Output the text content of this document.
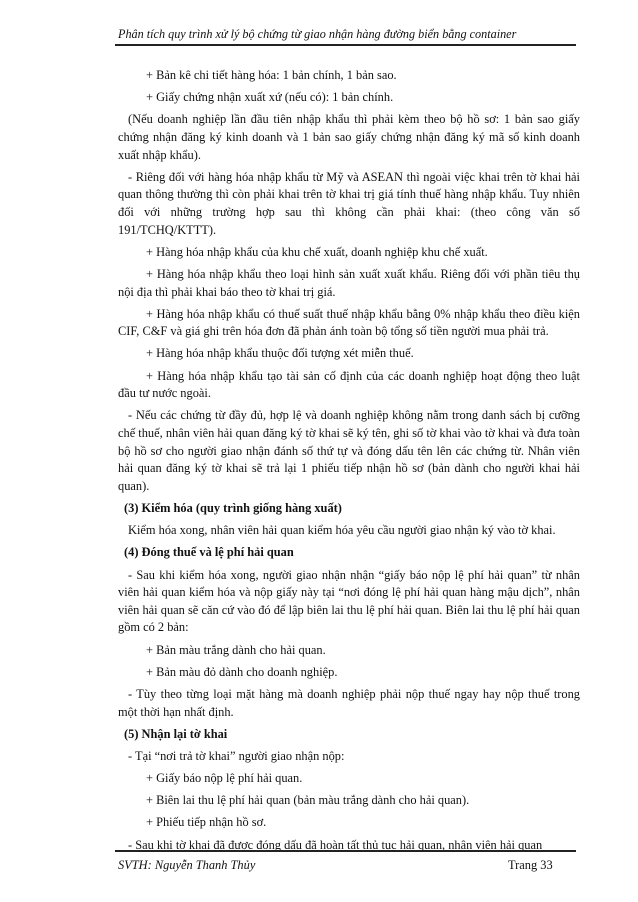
Phân tích quy trình xử lý bộ chứng từ giao nhận hàng đường biển bằng container

+ Bản kê chi tiết hàng hóa: 1 bản chính, 1 bản sao.

+ Giấy chứng nhận xuất xứ (nếu có): 1 bản chính.

(Nếu doanh nghiệp lần đầu tiên nhập khẩu thì phải kèm theo bộ hồ sơ: 1 bản sao giấy chứng nhận đăng ký kinh doanh và 1 bản sao giấy chứng nhận đăng ký mã số kinh doanh xuất nhập khẩu).

- Riêng đối với hàng hóa nhập khẩu từ Mỹ và ASEAN thì ngoài việc khai trên tờ khai hải quan thông thường thì còn phải khai trên tờ khai trị giá tính thuế hàng nhập khẩu. Tuy nhiên đối với những trường hợp sau thì không cần phải khai: (theo công văn số 191/TCHQ/KTTT).

+ Hàng hóa nhập khẩu của khu chế xuất, doanh nghiệp khu chế xuất.

+ Hàng hóa nhập khẩu theo loại hình sản xuất xuất khẩu. Riêng đối với phần tiêu thụ nội địa thì phải khai báo theo tờ khai trị giá.

+ Hàng hóa nhập khẩu có thuế suất thuế nhập khẩu bằng 0% nhập khẩu theo điều kiện CIF, C&F và giá ghi trên hóa đơn đã phản ánh toàn bộ tổng số tiền người mua phải trả.

+ Hàng hóa nhập khẩu thuộc đối tượng xét miễn thuế.

+ Hàng hóa nhập khẩu tạo tài sản cố định của các doanh nghiệp hoạt động theo luật đầu tư nước ngoài.

- Nếu các chứng từ đầy đủ, hợp lệ và doanh nghiệp không nằm trong danh sách bị cưỡng chế thuế, nhân viên hải quan đăng ký tờ khai sẽ ký tên, ghi số tờ khai vào tờ khai và đưa toàn bộ hồ sơ cho người giao nhận đánh số thứ tự và đóng dấu tên lên các chứng từ. Nhân viên hải quan đăng ký tờ khai sẽ trả lại 1 phiếu tiếp nhận hồ sơ (bản dành cho người khai hải quan).

(3) Kiểm hóa (quy trình giống hàng xuất)

Kiểm hóa xong, nhân viên hải quan kiểm hóa yêu cầu người giao nhận ký vào tờ khai.

(4) Đóng thuế và lệ phí hải quan

- Sau khi kiểm hóa xong, người giao nhận nhận “giấy báo nộp lệ phí hải quan” từ nhân viên hải quan kiểm hóa và nộp giấy này tại “nơi đóng lệ phí hải quan hàng mậu dịch”, nhân viên hải quan sẽ căn cứ vào đó để lập biên lai thu lệ phí hải quan. Biên lai thu lệ phí hải quan gồm có 2 bản:

+ Bản màu trắng dành cho hải quan.

+ Bản màu đỏ dành cho doanh nghiệp.

- Tùy theo từng loại mặt hàng mà doanh nghiệp phải nộp thuế ngay hay nộp thuế trong một thời hạn nhất định.

(5) Nhận lại tờ khai

- Tại “nơi trả tờ khai” người giao nhận nộp:

+ Giấy báo nộp lệ phí hải quan.

+ Biên lai thu lệ phí hải quan (bản màu trắng dành cho hải quan).

+ Phiếu tiếp nhận hồ sơ.

- Sau khi tờ khai đã được đóng dấu đã hoàn tất thủ tục hải quan, nhân viên hải quan

SVTH: Nguyễn Thanh Thủy	Trang 33
